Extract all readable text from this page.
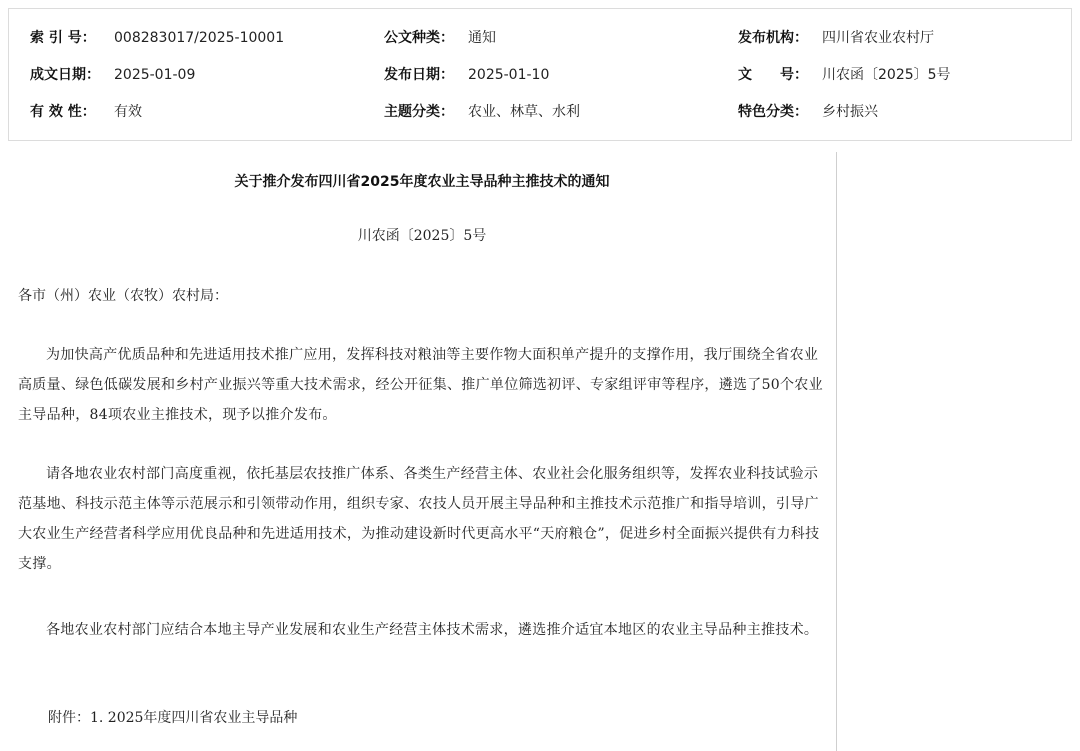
索 引 号： 008283017/2025-10001	公文种类： 通知	发布机构： 四川省农业农村厅
成文日期： 2025-01-09	发布日期： 2025-01-10	文　　号： 川农函〔2025〕5号
有 效 性： 有效	主题分类： 农业、林草、水利	特色分类： 乡村振兴
关于推介发布四川省2025年度农业主导品种主推技术的通知
川农函〔2025〕5号
各市（州）农业（农牧）农村局：

为加快高产优质品种和先进适用技术推广应用，发挥科技对粮油等主要作物大面积单产提升的支撑作用，我厅围绕全省农业高质量、绿色低碳发展和乡村产业振兴等重大技术需求，经公开征集、推广单位筛选初评、专家组评审等程序，遴选了50个农业主导品种，84项农业主推技术，现予以推介发布。

请各地农业农村部门高度重视，依托基层农技推广体系、各类生产经营主体、农业社会化服务组织等，发挥农业科技试验示范基地、科技示范主体等示范展示和引领带动作用，组织专家、农技人员开展主导品种和主推技术示范推广和指导培训，引导广大农业生产经营者科学应用优良品种和先进适用技术，为推动建设新时代更高水平“天府粮仓”，促进乡村全面振兴提供有力科技支撑。

各地农业农村部门应结合本地主导产业发展和农业生产经营主体技术需求，遴选推介适宜本地区的农业主导品种主推技术。

附件：1. 2025年度四川省农业主导品种
